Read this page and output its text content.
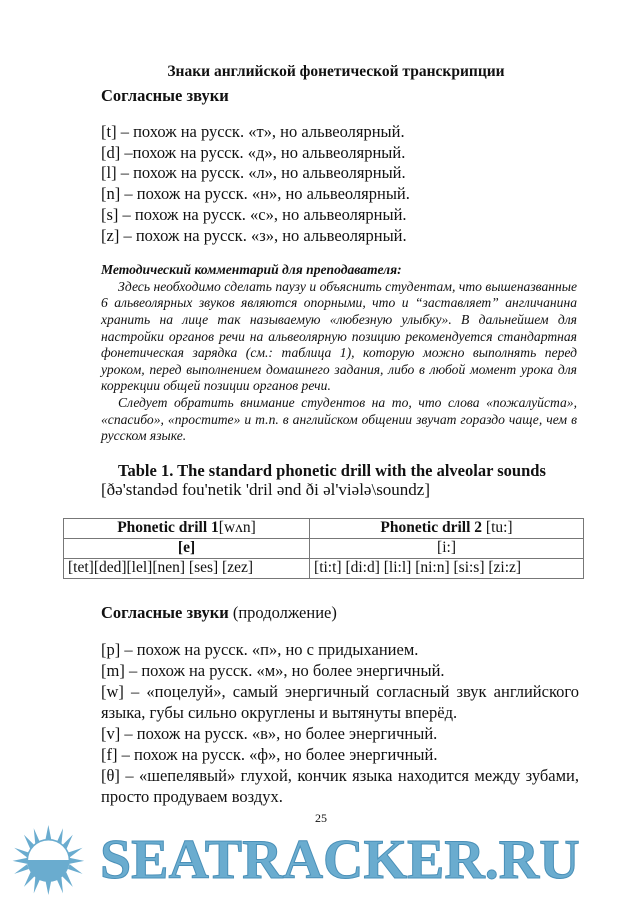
Знаки английской фонетической транскрипции
Согласные звуки
[t] – похож на русск. «т», но альвеолярный.
[d] –похож на русск. «д», но альвеолярный.
[l] – похож на русск. «л», но альвеолярный.
[n] – похож на русск. «н», но альвеолярный.
[s] – похож на русск. «с», но альвеолярный.
[z] – похож на русск. «з», но альвеолярный.

Методический комментарий для преподавателя:

Здесь необходимо сделать паузу и объяснить студентам, что вышеназванные 6 альвеолярных звуков являются опорными, что и “заставляет” англичанина хранить на лице так называемую «любезную улыбку». В дальнейшем для настройки органов речи на альвеолярную позицию рекомендуется стандартная фонетическая зарядка (см.: таблица 1), которую можно выполнять перед уроком, перед выполнением домашнего задания, либо в любой момент урока для коррекции общей позиции органов речи.

Следует обратить внимание студентов на то, что слова «пожалуйста», «спасибо», «простите» и т.п. в английском общении звучат гораздо чаще, чем в русском языке.

Table 1. The standard phonetic drill with the alveolar sounds
[ðə'standəd fou'netik 'dril ənd ði əl'viələ\soundz]
Phonetic drill 1[wʌn]	Phonetic drill 2 [tu:]
[e]	[i:]
[tet][ded][lel][nen] [ses] [zez]	[ti:t] [di:d] [li:l] [ni:n] [si:s] [zi:z]
Согласные звуки (продолжение)
[p] – похож на русск. «п», но с придыханием.
[m] – похож на русск. «м», но более энергичный.
[w] – «поцелуй», самый энергичный согласный звук английского языка, губы сильно округлены и вытянуты вперёд.
[v] – похож на русск. «в», но более энергичный.
[f] – похож на русск. «ф», но более энергичный.
[θ] – «шепелявый» глухой, кончик языка находится между зубами, просто продуваем воздух.
25
SEATRACKER.RU
